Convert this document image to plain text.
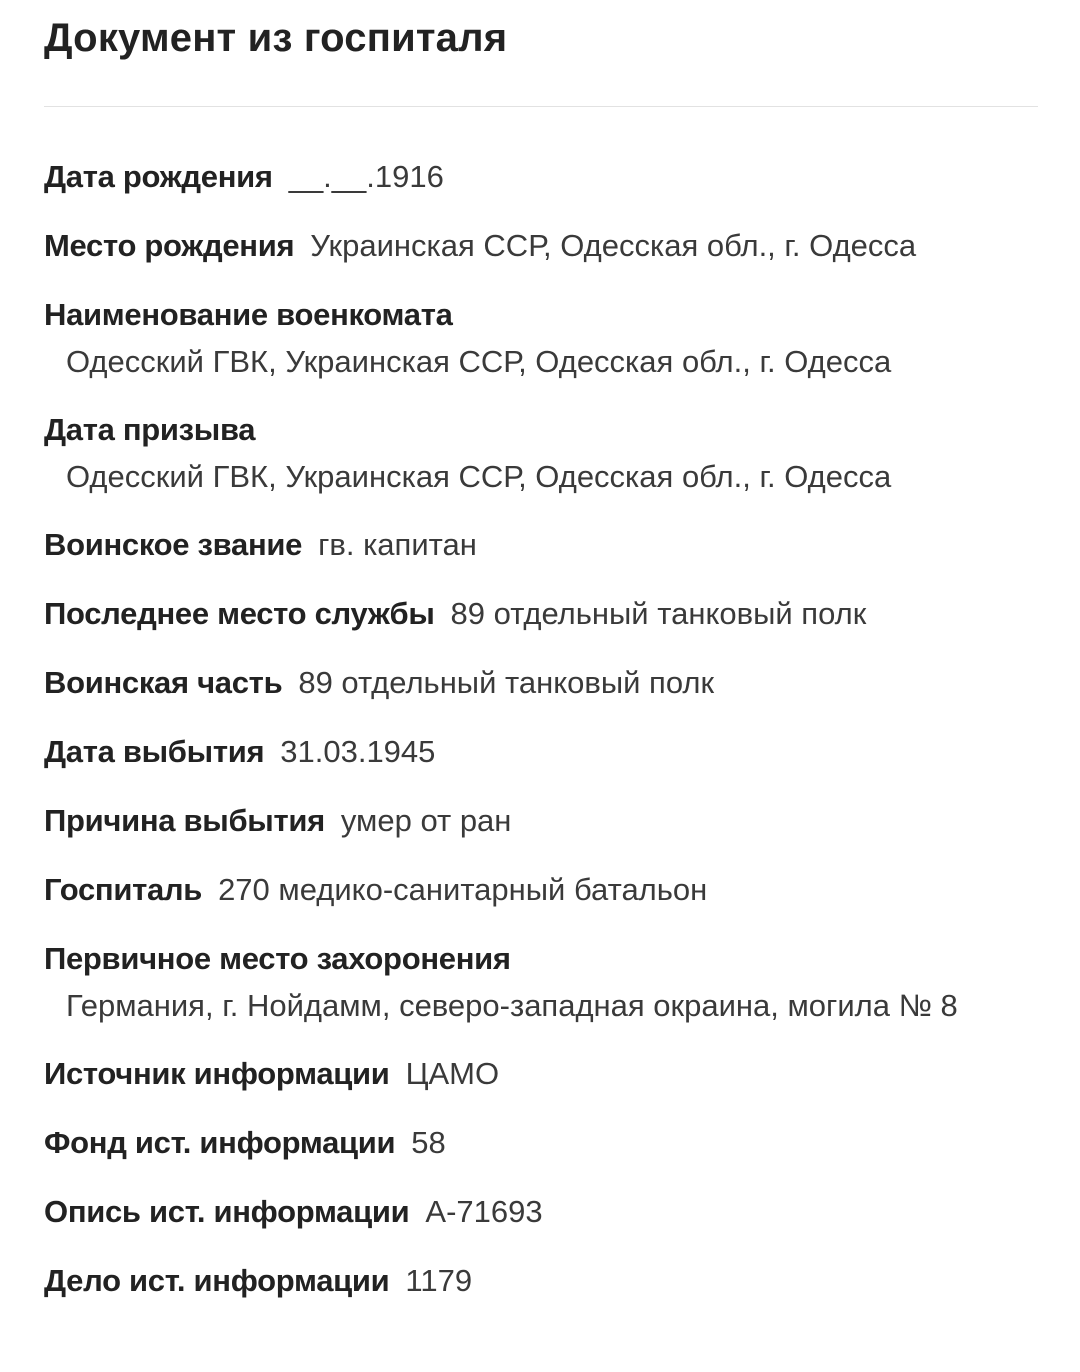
Документ из госпиталя
Дата рождения __.__.1916
Место рождения Украинская ССР, Одесская обл., г. Одесса
Наименование военкомата
Одесский ГВК, Украинская ССР, Одесская обл., г. Одесса
Дата призыва
Одесский ГВК, Украинская ССР, Одесская обл., г. Одесса
Воинское звание гв. капитан
Последнее место службы 89 отдельный танковый полк
Воинская часть 89 отдельный танковый полк
Дата выбытия 31.03.1945
Причина выбытия умер от ран
Госпиталь 270 медико-санитарный батальон
Первичное место захоронения
Германия, г. Нойдамм, северо-западная окраина, могила № 8
Источник информации ЦАМО
Фонд ист. информации 58
Опись ист. информации А-71693
Дело ист. информации 1179
